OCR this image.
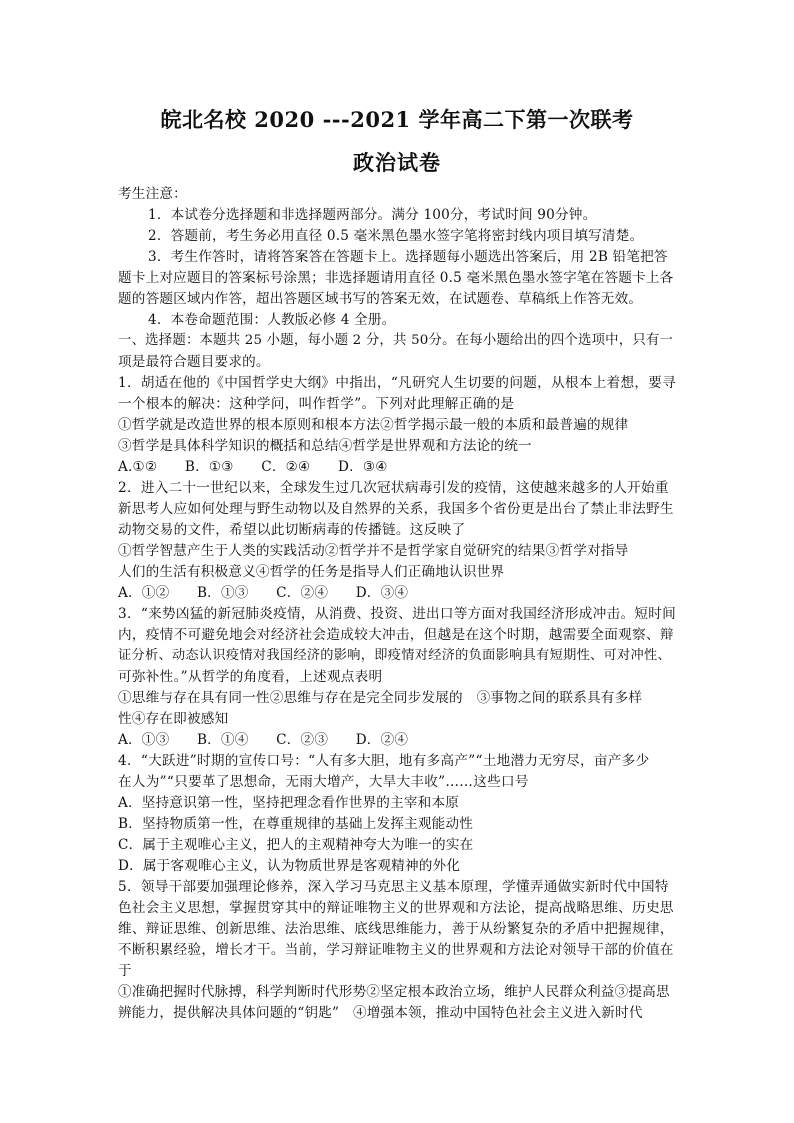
皖北名校 2020 ---2021 学年高二下第一次联考
政治试卷
考生注意：
1．本试卷分选择题和非选择题两部分。满分 100分，考试时间 90分钟。
2．答题前，考生务必用直径 0.5 毫米黑色墨水签字笔将密封线内项目填写清楚。
3．考生作答时，请将答案答在答题卡上。选择题每小题选出答案后，用 2B 铅笔把答
题卡上对应题目的答案标号涂黑；非选择题请用直径 0.5 毫米黑色墨水签字笔在答题卡上各
题的答题区域内作答，超出答题区域书写的答案无效，在试题卷、草稿纸上作答无效。
4．本卷命题范围：人教版必修 4 全册。
一、选择题：本题共 25 小题，每小题 2 分，共 50分。在每小题给出的四个选项中，只有一
项是最符合题目要求的。
1．胡适在他的《中国哲学史大纲》中指出，“凡研究人生切要的问题，从根本上着想，要寻
一个根本的解决：这种学问，叫作哲学”。下列对此理解正确的是
①哲学就是改造世界的根本原则和根本方法②哲学揭示最一般的本质和最普遍的规律
③哲学是具体科学知识的概括和总结④哲学是世界观和方法论的统一
A.①②　　B．①③　　C．②④　　D．③④
2．进入二十一世纪以来，全球发生过几次冠状病毒引发的疫情，这使越来越多的人开始重
新思考人应如何处理与野生动物以及自然界的关系，我国多个省份更是出台了禁止非法野生
动物交易的文件，希望以此切断病毒的传播链。这反映了
①哲学智慧产生于人类的实践活动②哲学并不是哲学家自觉研究的结果③哲学对指导
人们的生活有积极意义④哲学的任务是指导人们正确地认识世界
A．①②　　B．①③　　C．②④　　D．③④
3．“来势凶猛的新冠肺炎疫情，从消费、投资、进出口等方面对我国经济形成冲击。短时间
内，疫情不可避免地会对经济社会造成较大冲击，但越是在这个时期，越需要全面观察、辩
证分析、动态认识疫情对我国经济的影响，即疫情对经济的负面影响具有短期性、可对冲性、
可弥补性。”从哲学的角度看，上述观点表明
①思维与存在具有同一性②思维与存在是完全同步发展的　③事物之间的联系具有多样
性④存在即被感知
A．①③　　B．①④　　C．②③　　D．②④
4．“大跃进”时期的宣传口号：“人有多大胆，地有多高产”“土地潜力无穷尽，亩产多少
在人为”“只要革了思想命，无雨大增产，大旱大丰收”……这些口号
A．坚持意识第一性，坚持把理念看作世界的主宰和本原
B．坚持物质第一性，在尊重规律的基础上发挥主观能动性
C．属于主观唯心主义，把人的主观精神夸大为唯一的实在
D．属于客观唯心主义，认为物质世界是客观精神的外化
5．领导干部要加强理论修养，深入学习马克思主义基本原理，学懂弄通做实新时代中国特
色社会主义思想，掌握贯穿其中的辩证唯物主义的世界观和方法论，提高战略思维、历史思
维、辩证思维、创新思维、法治思维、底线思维能力，善于从纷繁复杂的矛盾中把握规律，
不断积累经验，增长才干。当前，学习辩证唯物主义的世界观和方法论对领导干部的价值在
于
①准确把握时代脉搏，科学判断时代形势②坚定根本政治立场，维护人民群众利益③提高思
辨能力，提供解决具体问题的“钥匙”　④增强本领，推动中国特色社会主义进入新时代
